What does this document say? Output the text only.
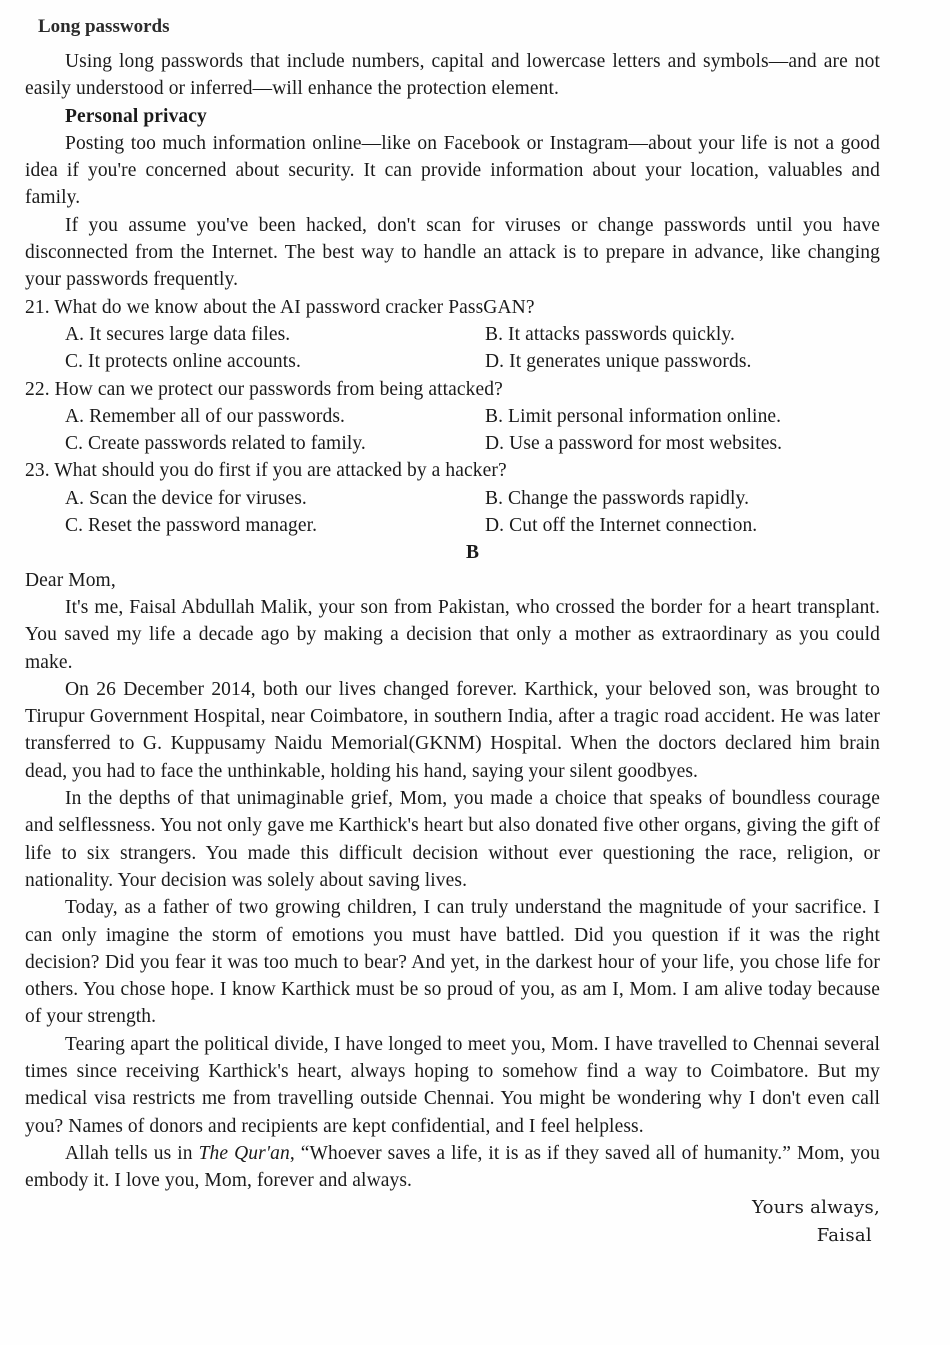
Long passwords

Using long passwords that include numbers, capital and lowercase letters and symbols—and are not easily understood or inferred—will enhance the protection element.

Personal privacy

Posting too much information online—like on Facebook or Instagram—about your life is not a good idea if you're concerned about security. It can provide information about your location, valuables and family.

If you assume you've been hacked, don't scan for viruses or change passwords until you have disconnected from the Internet. The best way to handle an attack is to prepare in advance, like changing your passwords frequently.

21. What do we know about the AI password cracker PassGAN?

A. It secures large data files.	B. It attacks passwords quickly.
C. It protects online accounts.	D. It generates unique passwords.

22. How can we protect our passwords from being attacked?

A. Remember all of our passwords.	B. Limit personal information online.
C. Create passwords related to family.	D. Use a password for most websites.

23. What should you do first if you are attacked by a hacker?

A. Scan the device for viruses.	B. Change the passwords rapidly.
C. Reset the password manager.	D. Cut off the Internet connection.

B

Dear Mom,

It's me, Faisal Abdullah Malik, your son from Pakistan, who crossed the border for a heart transplant. You saved my life a decade ago by making a decision that only a mother as extraordinary as you could make.

On 26 December 2014, both our lives changed forever. Karthick, your beloved son, was brought to Tirupur Government Hospital, near Coimbatore, in southern India, after a tragic road accident. He was later transferred to G. Kuppusamy Naidu Memorial(GKNM) Hospital. When the doctors declared him brain dead, you had to face the unthinkable, holding his hand, saying your silent goodbyes.

In the depths of that unimaginable grief, Mom, you made a choice that speaks of boundless courage and selflessness. You not only gave me Karthick's heart but also donated five other organs, giving the gift of life to six strangers. You made this difficult decision without ever questioning the race, religion, or nationality. Your decision was solely about saving lives.

Today, as a father of two growing children, I can truly understand the magnitude of your sacrifice. I can only imagine the storm of emotions you must have battled. Did you question if it was the right decision? Did you fear it was too much to bear? And yet, in the darkest hour of your life, you chose life for others. You chose hope. I know Karthick must be so proud of you, as am I, Mom. I am alive today because of your strength.

Tearing apart the political divide, I have longed to meet you, Mom. I have travelled to Chennai several times since receiving Karthick's heart, always hoping to somehow find a way to Coimbatore. But my medical visa restricts me from travelling outside Chennai. You might be wondering why I don't even call you? Names of donors and recipients are kept confidential, and I feel helpless.

Allah tells us in The Qur'an, “Whoever saves a life, it is as if they saved all of humanity.” Mom, you embody it. I love you, Mom, forever and always.

Yours always,

Faisal
